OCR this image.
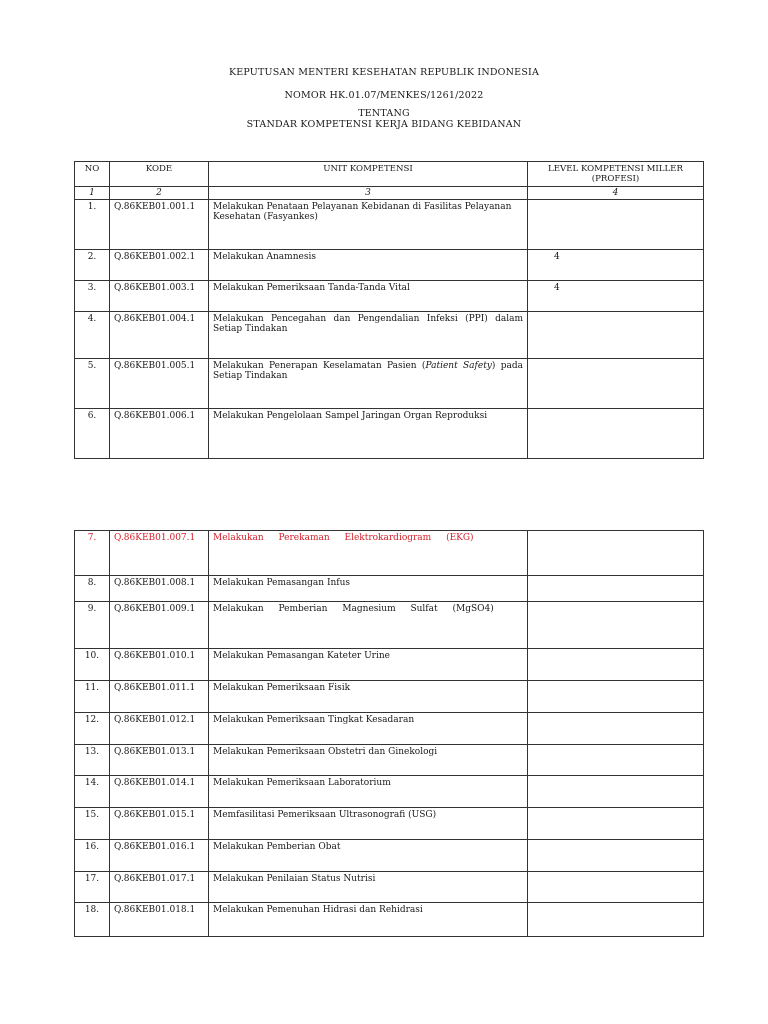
KEPUTUSAN MENTERI KESEHATAN REPUBLIK INDONESIA
NOMOR HK.01.07/MENKES/1261/2022
TENTANG
STANDAR KOMPETENSI KERJA BIDANG KEBIDANAN
NO	KODE	UNIT KOMPETENSI	LEVEL KOMPETENSI MILLER (PROFESI)
1	2	3	4
1.	Q.86KEB01.001.1	Melakukan Penataan Pelayanan Kebidanan di Fasilitas Pelayanan Kesehatan (Fasyankes)	
2.	Q.86KEB01.002.1	Melakukan Anamnesis	4
3.	Q.86KEB01.003.1	Melakukan Pemeriksaan Tanda-Tanda Vital	4
4.	Q.86KEB01.004.1	Melakukan Pencegahan dan Pengendalian Infeksi (PPI) dalam Setiap Tindakan	
5.	Q.86KEB01.005.1	Melakukan Penerapan Keselamatan Pasien (Patient Safety) pada Setiap Tindakan	
6.	Q.86KEB01.006.1	Melakukan Pengelolaan Sampel Jaringan Organ Reproduksi	
7.	Q.86KEB01.007.1	Melakukan Perekaman Elektrokardiogram (EKG)	
8.	Q.86KEB01.008.1	Melakukan Pemasangan Infus	
9.	Q.86KEB01.009.1	Melakukan Pemberian Magnesium Sulfat (MgSO4)	
10.	Q.86KEB01.010.1	Melakukan Pemasangan Kateter Urine	
11.	Q.86KEB01.011.1	Melakukan Pemeriksaan Fisik	
12.	Q.86KEB01.012.1	Melakukan Pemeriksaan Tingkat Kesadaran	
13.	Q.86KEB01.013.1	Melakukan Pemeriksaan Obstetri dan Ginekologi	
14.	Q.86KEB01.014.1	Melakukan Pemeriksaan Laboratorium	
15.	Q.86KEB01.015.1	Memfasilitasi Pemeriksaan Ultrasonografi (USG)	
16.	Q.86KEB01.016.1	Melakukan Pemberian Obat	
17.	Q.86KEB01.017.1	Melakukan Penilaian Status Nutrisi	
18.	Q.86KEB01.018.1	Melakukan Pemenuhan Hidrasi dan Rehidrasi	
